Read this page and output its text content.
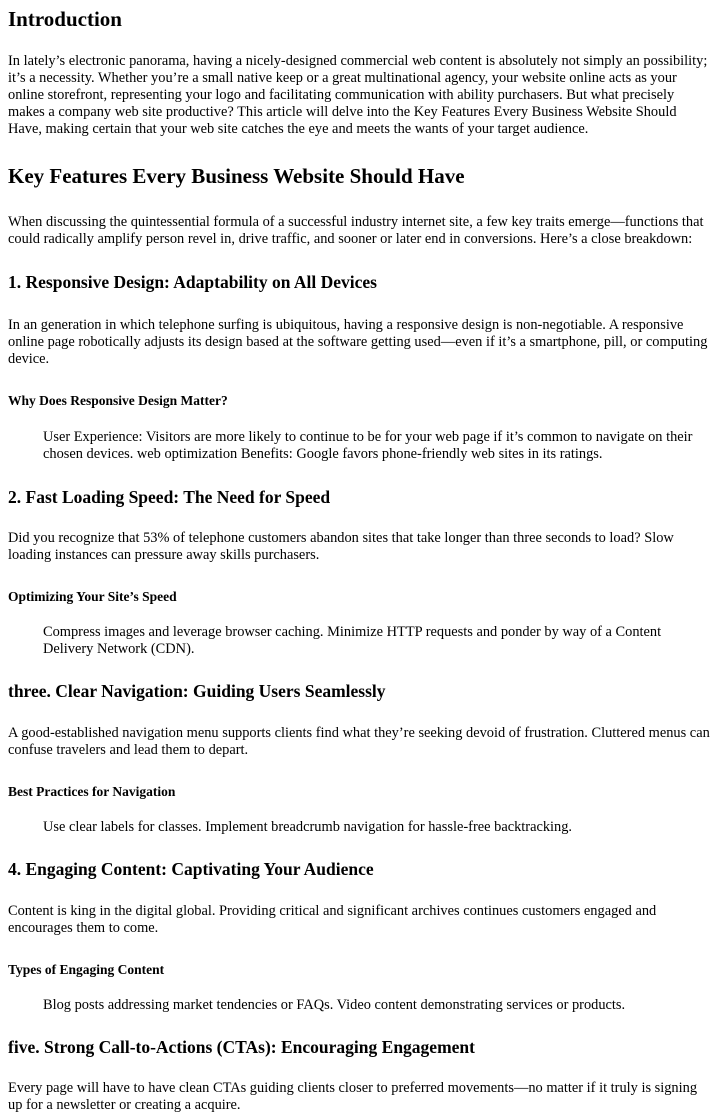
Introduction

In lately’s electronic panorama, having a nicely-designed commercial web content is absolutely not simply an possibility; it’s a necessity. Whether you’re a small native keep or a great multinational agency, your website online acts as your online storefront, representing your logo and facilitating communication with ability purchasers. But what precisely makes a company web site productive? This article will delve into the Key Features Every Business Website Should Have, making certain that your web site catches the eye and meets the wants of your target audience.

Key Features Every Business Website Should Have

When discussing the quintessential formula of a successful industry internet site, a few key traits emerge—functions that could radically amplify person revel in, drive traffic, and sooner or later end in conversions. Here’s a close breakdown:

1. Responsive Design: Adaptability on All Devices

In an generation in which telephone surfing is ubiquitous, having a responsive design is non-negotiable. A responsive online page robotically adjusts its design based at the software getting used—even if it’s a smartphone, pill, or computing device.

Why Does Responsive Design Matter?
User Experience: Visitors are more likely to continue to be for your web page if it’s common to navigate on their chosen devices. web optimization Benefits: Google favors phone-friendly web sites in its ratings.
2. Fast Loading Speed: The Need for Speed

Did you recognize that 53% of telephone customers abandon sites that take longer than three seconds to load? Slow loading instances can pressure away skills purchasers.

Optimizing Your Site’s Speed
Compress images and leverage browser caching. Minimize HTTP requests and ponder by way of a Content Delivery Network (CDN).
three. Clear Navigation: Guiding Users Seamlessly

A good-established navigation menu supports clients find what they’re seeking devoid of frustration. Cluttered menus can confuse travelers and lead them to depart.

Best Practices for Navigation
Use clear labels for classes. Implement breadcrumb navigation for hassle-free backtracking.
4. Engaging Content: Captivating Your Audience

Content is king in the digital global. Providing critical and significant archives continues customers engaged and encourages them to come.

Types of Engaging Content
Blog posts addressing market tendencies or FAQs. Video content demonstrating services or products.
five. Strong Call-to-Actions (CTAs): Encouraging Engagement

Every page will have to have clean CTAs guiding clients closer to preferred movements—no matter if it truly is signing up for a newsletter or creating a acquire.
